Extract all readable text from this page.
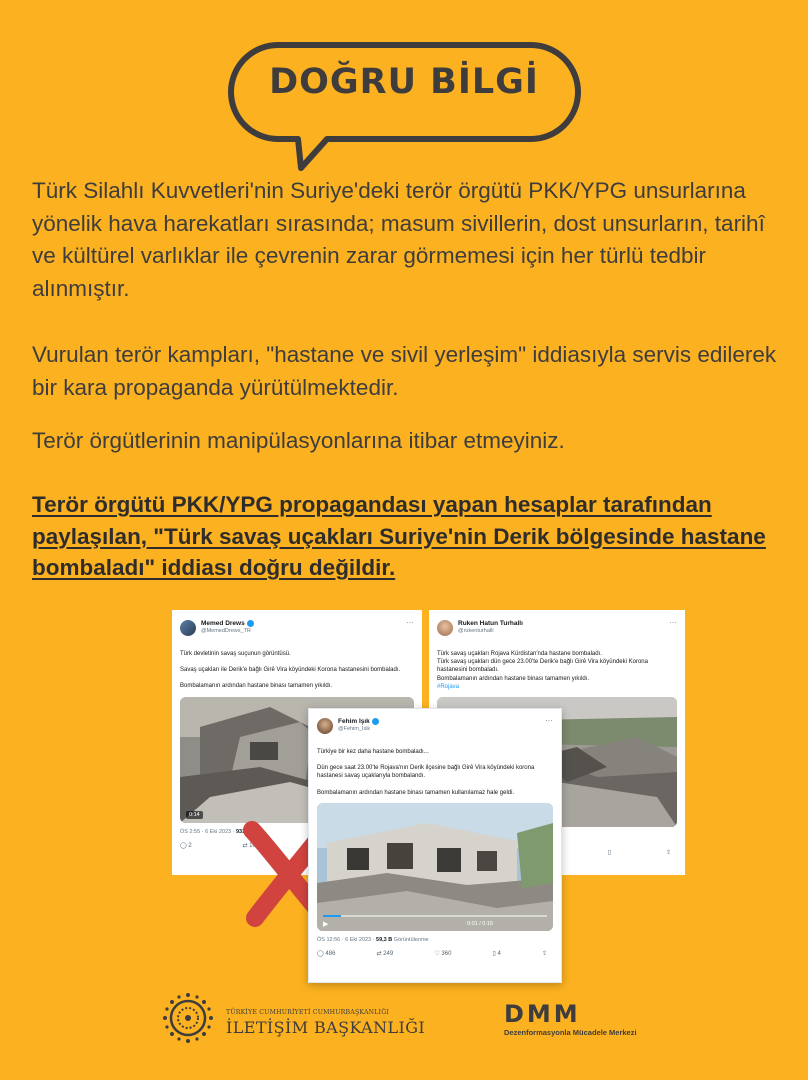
DOĞRU BİLGİ
Türk Silahlı Kuvvetleri'nin Suriye'deki terör örgütü PKK/YPG unsurlarına yönelik hava harekatları sırasında; masum sivillerin, dost unsurların, tarihî ve kültürel varlıklar ile çevrenin zarar görmemesi için her türlü tedbir alınmıştır.
Vurulan terör kampları, "hastane ve sivil yerleşim" iddiasıyla servis edilerek bir kara propaganda yürütülmektedir.
Terör örgütlerinin manipülasyonlarına itibar etmeyiniz.
Terör örgütü PKK/YPG propagandası yapan hesaplar tarafından paylaşılan, "Türk savaş uçakları Suriye'nin Derik bölgesinde hastane bombaladı" iddiası doğru değildir.
Memed Drews
@MemedDrews_TR
···
Türk devletinin savaş suçunun görüntüsü.
Savaş uçakları ile Derik'e bağlı Girê Vira köyündeki Korona hastanesini bombaladı.
Bombalamanın ardından hastane binası tamamen yıkıldı.
0:14
ÖS 2:55 · 6 Eki 2023 · 933
◯ 2	⇄ 10
Ruken Hatun Turhallı
@rukenturhalli
···
Türk savaş uçakları Rojava Kürdistan'nda hastane bombaladı.
Türk savaş uçakları dün gece 23.00'te Derik'e bağlı Girê Vira köyündeki Korona hastanesini bombaladı.
Bombalamanın ardından hastane binası tamamen yıkıldı.
#Rojava
▯	⇪
Fehim Işık
@Fehim_Isik
···
Türkiye bir kez daha hastane bombaladı...
Dün gece saat 23.00'te Rojava'nın Derik ilçesine bağlı Girê Vira köyündeki korona hastanesi savaş uçaklarıyla bombalandı.
Bombalamanın ardından hastane binası tamamen kullanılamaz hale geldi.
▶	0:01 / 0:15
ÖS 12:56 · 6 Eki 2023 · 59,3 B Görüntülenme
◯ 486	⇄ 249	♡ 360	▯ 4	⇪
TÜRKİYE CUMHURİYETİ CUMHURBAŞKANLIĞI
İLETİŞİM BAŞKANLIĞI	DMM
Dezenformasyonla Mücadele Merkezi
